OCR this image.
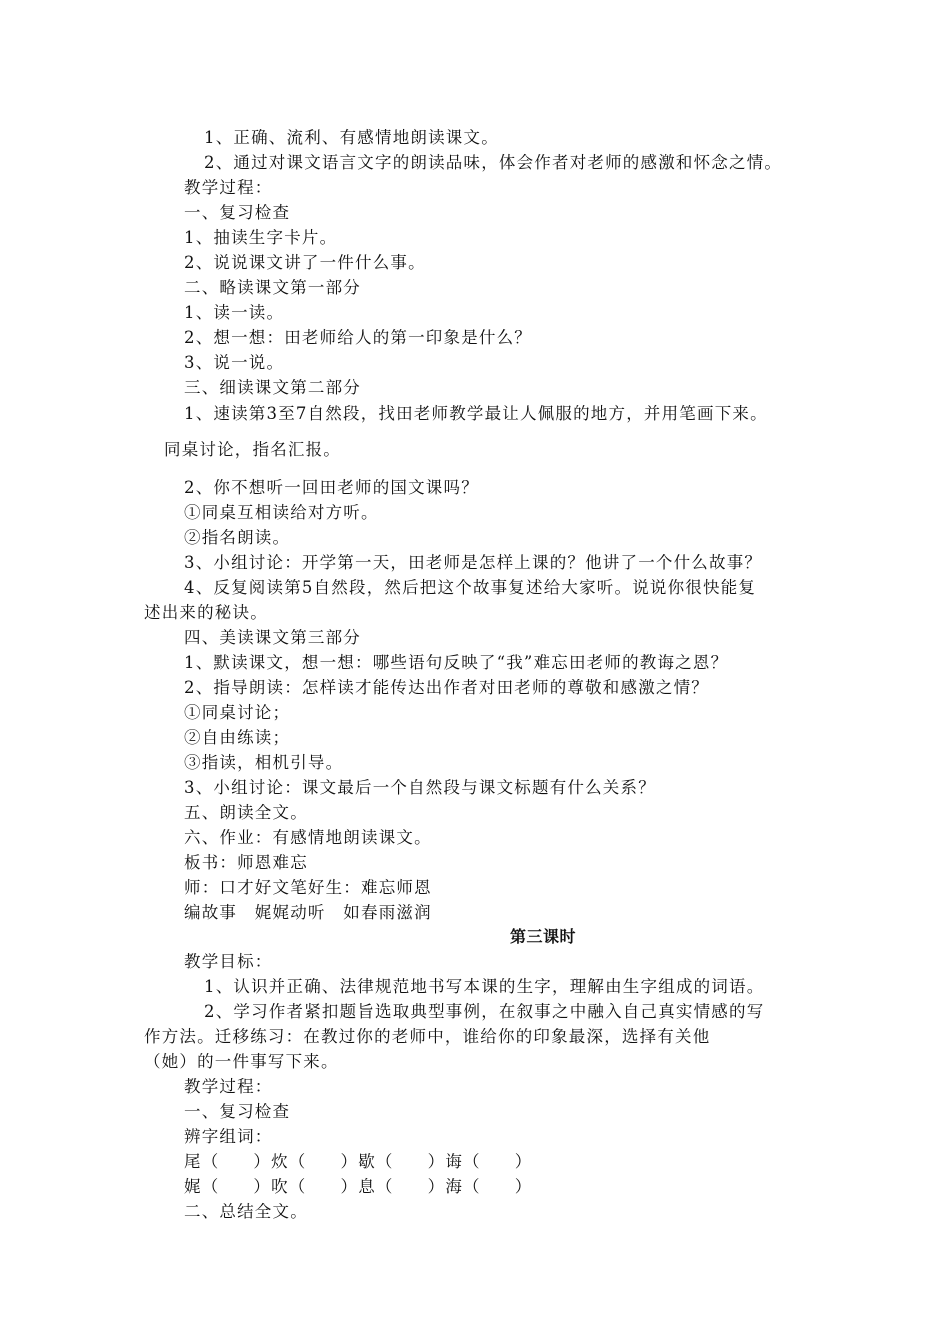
1、正确、流利、有感情地朗读课文。
2、通过对课文语言文字的朗读品味，体会作者对老师的感激和怀念之情。
教学过程：
一、复习检查
1、抽读生字卡片。
2、说说课文讲了一件什么事。
二、略读课文第一部分
1、读一读。
2、想一想：田老师给人的第一印象是什么？
3、说一说。
三、细读课文第二部分
1、速读第3至7自然段，找田老师教学最让人佩服的地方，并用笔画下来。
同桌讨论，指名汇报。
2、你不想听一回田老师的国文课吗？
①同桌互相读给对方听。
②指名朗读。
3、小组讨论：开学第一天，田老师是怎样上课的？他讲了一个什么故事？
4、反复阅读第5自然段，然后把这个故事复述给大家听。说说你很快能复
述出来的秘诀。
四、美读课文第三部分
1、默读课文，想一想：哪些语句反映了“我”难忘田老师的教诲之恩？
2、指导朗读：怎样读才能传达出作者对田老师的尊敬和感激之情？
①同桌讨论；
②自由练读；
③指读，相机引导。
3、小组讨论：课文最后一个自然段与课文标题有什么关系？
五、朗读全文。
六、作业：有感情地朗读课文。
板书：师恩难忘
师：口才好文笔好生：难忘师恩
编故事　娓娓动听　如春雨滋润
第三课时
教学目标：
1、认识并正确、法律规范地书写本课的生字，理解由生字组成的词语。
2、学习作者紧扣题旨选取典型事例，在叙事之中融入自己真实情感的写
作方法。迁移练习：在教过你的老师中，谁给你的印象最深，选择有关他
（她）的一件事写下来。
教学过程：
一、复习检查
辨字组词：
尾（ ）炊（ ）歇（ ）诲（ ）
娓（ ）吹（ ）息（ ）海（ ）
二、总结全文。
